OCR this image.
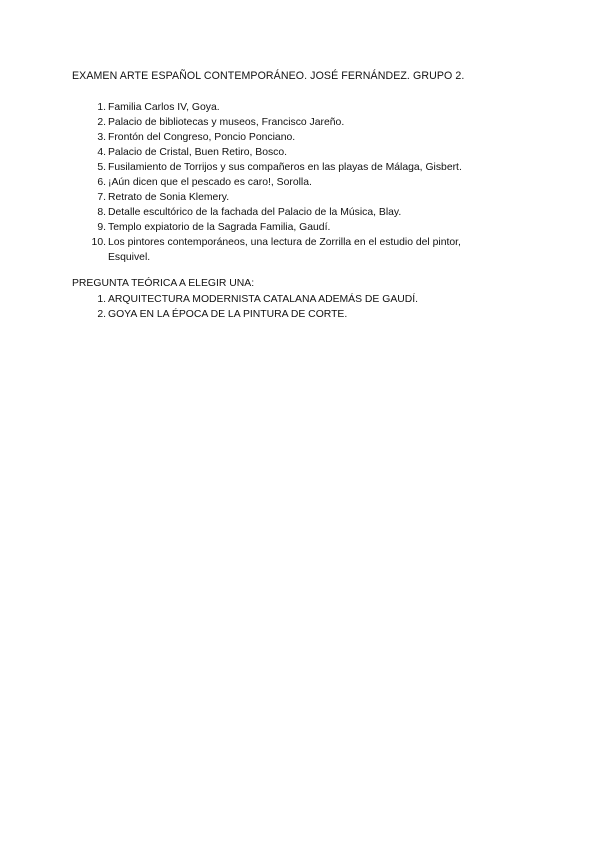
EXAMEN ARTE ESPAÑOL CONTEMPORÁNEO. JOSÉ FERNÁNDEZ. GRUPO 2.
1. Familia Carlos IV, Goya.
2. Palacio de bibliotecas y museos, Francisco Jareño.
3. Frontón del Congreso, Poncio Ponciano.
4. Palacio de Cristal, Buen Retiro, Bosco.
5. Fusilamiento de Torrijos y sus compañeros en las playas de Málaga, Gisbert.
6. ¡Aún dicen que el pescado es caro!, Sorolla.
7. Retrato de Sonia Klemery.
8. Detalle escultórico de la fachada del Palacio de la Música, Blay.
9. Templo expiatorio de la Sagrada Familia, Gaudí.
10. Los pintores contemporáneos, una lectura de Zorrilla en el estudio del pintor, Esquivel.
PREGUNTA TEÓRICA A ELEGIR UNA:
1. ARQUITECTURA MODERNISTA CATALANA ADEMÁS DE GAUDÍ.
2. GOYA EN LA ÉPOCA DE LA PINTURA DE CORTE.
